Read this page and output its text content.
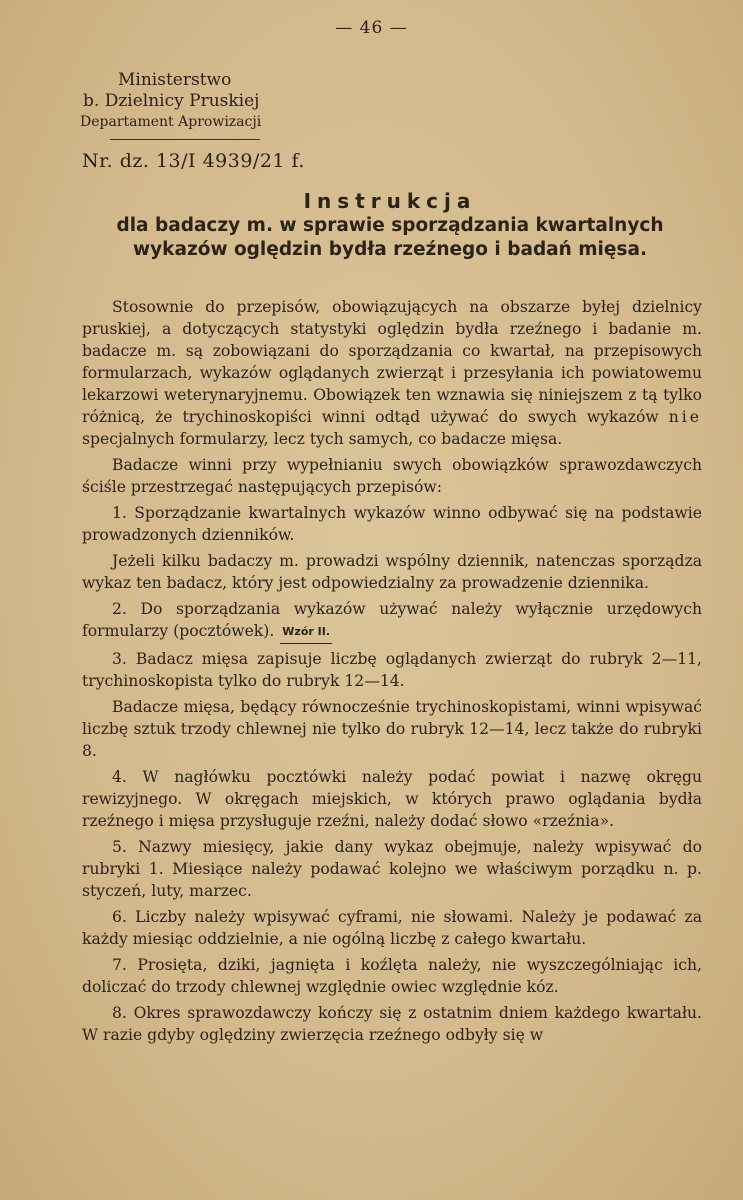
— 46 —
Ministerstwo
b. Dzielnicy Pruskiej
Departament Aprowizacji
Nr. dz. 13/I 4939/21 f.
Instrukcja
dla badaczy m. w sprawie sporządzania kwartalnych wykazów oględzin bydła rzeźnego i badań mięsa.

Stosownie do przepisów, obowiązujących na obszarze byłej dzielnicy pruskiej, a dotyczących statystyki oględzin bydła rzeźnego i badanie m. badacze m. są zobowiązani do sporządzania co kwartał, na przepisowych formularzach, wykazów oglądanych zwierząt i przesyłania ich powiatowemu lekarzowi weterynaryjnemu. Obowiązek ten wznawia się niniejszem z tą tylko różnicą, że trychinoskopiści winni odtąd używać do swych wykazów nie specjalnych formularzy, lecz tych samych, co badacze mięsa.

Badacze winni przy wypełnianiu swych obowiązków sprawozdawczych ściśle przestrzegać następujących przepisów:

1. Sporządzanie kwartalnych wykazów winno odbywać się na podstawie prowadzonych dzienników.

Jeżeli kilku badaczy m. prowadzi wspólny dziennik, natenczas sporządza wykaz ten badacz, który jest odpowiedzialny za prowadzenie dziennika.

2. Do sporządzania wykazów używać należy wyłącznie urzędowych formularzy (pocztówek). Wzór II.

3. Badacz mięsa zapisuje liczbę oglądanych zwierząt do rubryk 2—11, trychinoskopista tylko do rubryk 12—14.

Badacze mięsa, będący równocześnie trychinoskopistami, winni wpisywać liczbę sztuk trzody chlewnej nie tylko do rubryk 12—14, lecz także do rubryki 8.

4. W nagłówku pocztówki należy podać powiat i nazwę okręgu rewizyjnego. W okręgach miejskich, w których prawo oglądania bydła rzeźnego i mięsa przysługuje rzeźni, należy dodać słowo «rzeźnia».

5. Nazwy miesięcy, jakie dany wykaz obejmuje, należy wpisywać do rubryki 1. Miesiące należy podawać kolejno we właściwym porządku n. p. styczeń, luty, marzec.

6. Liczby należy wpisywać cyframi, nie słowami. Należy je podawać za każdy miesiąc oddzielnie, a nie ogólną liczbę z całego kwartału.

7. Prosięta, dziki, jagnięta i koźlęta należy, nie wyszczególniając ich, doliczać do trzody chlewnej względnie owiec względnie kóz.

8. Okres sprawozdawczy kończy się z ostatnim dniem każdego kwartału. W razie gdyby oględziny zwierzęcia rzeźnego odbyły się w
